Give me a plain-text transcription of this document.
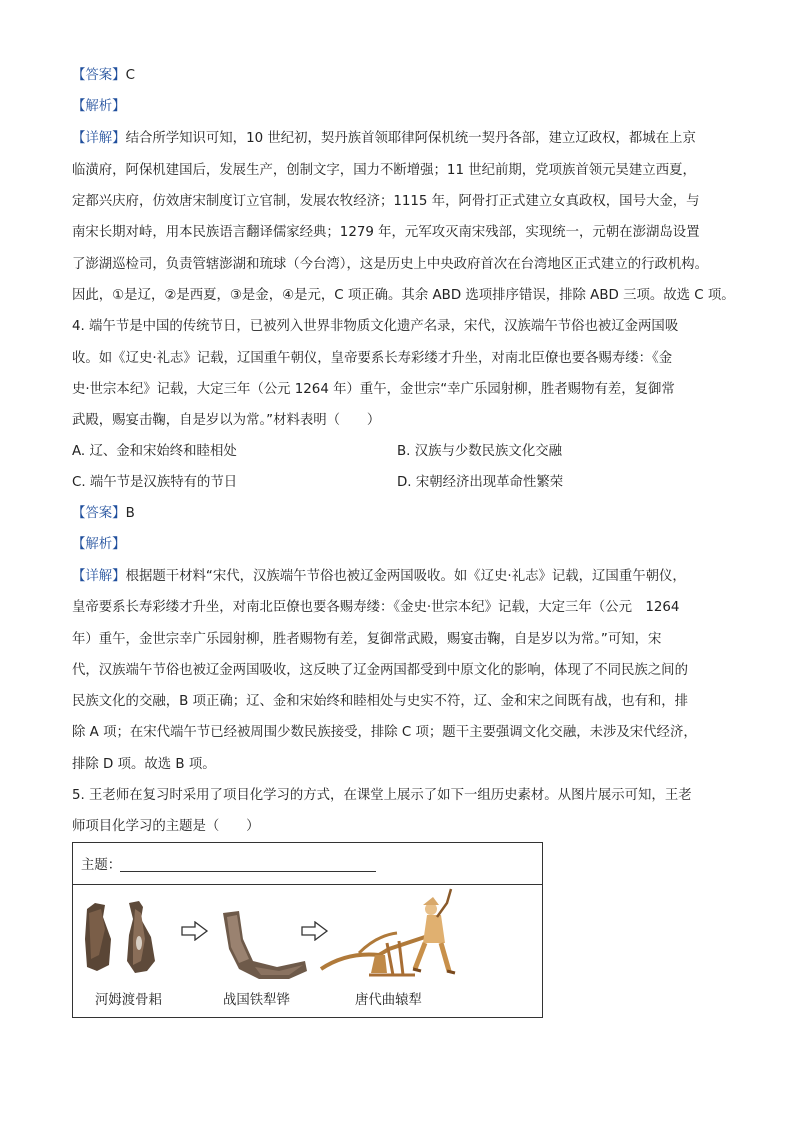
【答案】C
【解析】
【详解】结合所学知识可知，10 世纪初，契丹族首领耶律阿保机统一契丹各部，建立辽政权，都城在上京
临潢府，阿保机建国后，发展生产，创制文字，国力不断增强；11 世纪前期，党项族首领元昊建立西夏，
定都兴庆府，仿效唐宋制度订立官制，发展农牧经济；1115 年，阿骨打正式建立女真政权，国号大金，与
南宋长期对峙，用本民族语言翻译儒家经典；1279 年，元军攻灭南宋残部，实现统一，元朝在澎湖岛设置
了澎湖巡检司，负责管辖澎湖和琉球（今台湾），这是历史上中央政府首次在台湾地区正式建立的行政机构。
因此，①是辽，②是西夏，③是金，④是元，C 项正确。其余 ABD 选项排序错误，排除 ABD 三项。故选 C 项。
4. 端午节是中国的传统节日，已被列入世界非物质文化遗产名录，宋代，汉族端午节俗也被辽金两国吸
收。如《辽史·礼志》记载，辽国重午朝仪，皇帝要系长寿彩缕才升坐，对南北臣僚也要各赐寿缕：《金
史·世宗本纪》记载，大定三年（公元 1264 年）重午，金世宗“幸广乐园射柳，胜者赐物有差，复御常
武殿，赐宴击鞠，自是岁以为常。”材料表明（　　）
A. 辽、金和宋始终和睦相处	B. 汉族与少数民族文化交融
C. 端午节是汉族特有的节日	D. 宋朝经济出现革命性繁荣
【答案】B
【解析】
【详解】根据题干材料“宋代，汉族端午节俗也被辽金两国吸收。如《辽史·礼志》记载，辽国重午朝仪，
皇帝要系长寿彩缕才升坐，对南北臣僚也要各赐寿缕：《金史·世宗本纪》记载，大定三年（公元　1264
年）重午，金世宗幸广乐园射柳，胜者赐物有差，复御常武殿，赐宴击鞠，自是岁以为常。”可知，宋
代，汉族端午节俗也被辽金两国吸收，这反映了辽金两国都受到中原文化的影响，体现了不同民族之间的
民族文化的交融，B 项正确；辽、金和宋始终和睦相处与史实不符，辽、金和宋之间既有战，也有和，排
除 A 项；在宋代端午节已经被周围少数民族接受，排除 C 项；题干主要强调文化交融，未涉及宋代经济，
排除 D 项。故选 B 项。
5. 王老师在复习时采用了项目化学习的方式，在课堂上展示了如下一组历史素材。从图片展示可知，王老
师项目化学习的主题是（　　）
主题：
河姆渡骨耜	战国铁犁铧	唐代曲辕犁
